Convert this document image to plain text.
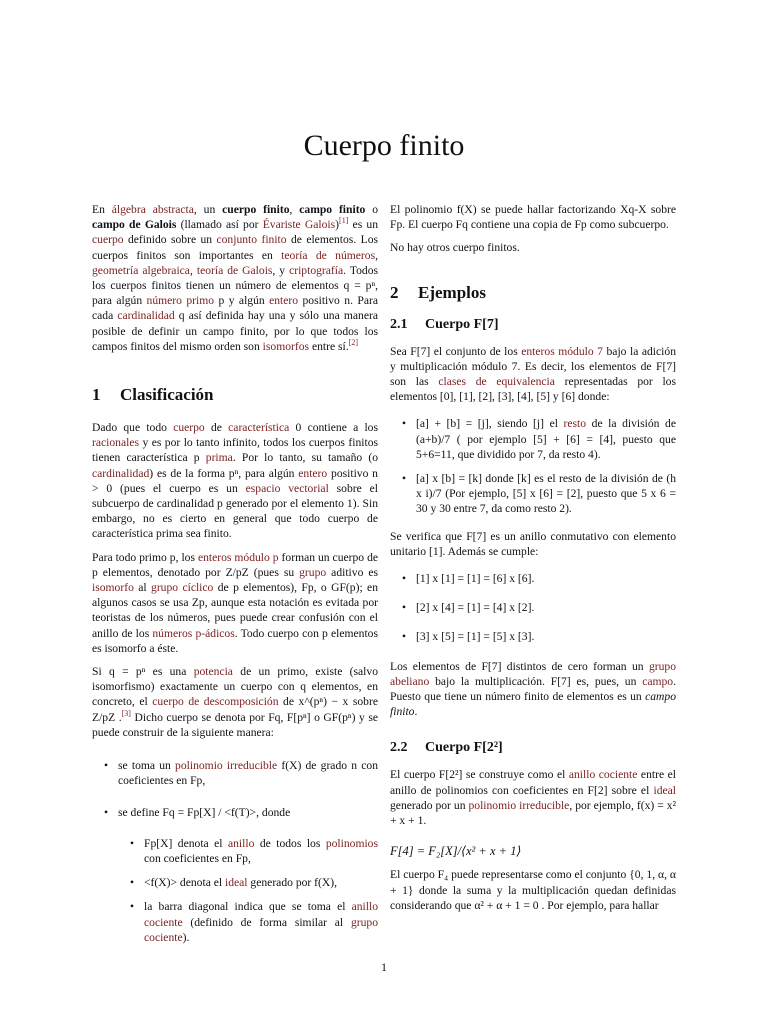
Cuerpo finito

En álgebra abstracta, un cuerpo finito, campo finito o campo de Galois (llamado así por Évariste Galois)[1] es un cuerpo definido sobre un conjunto finito de elementos. Los cuerpos finitos son importantes en teoría de números, geometría algebraica, teoría de Galois, y criptografía. Todos los cuerpos finitos tienen un número de elementos q = pⁿ, para algún número primo p y algún entero positivo n. Para cada cardinalidad q así definida hay una y sólo una manera posible de definir un campo finito, por lo que todos los campos finitos del mismo orden son isomorfos entre sí.[2]

1 Clasificación

Dado que todo cuerpo de característica 0 contiene a los racionales y es por lo tanto infinito, todos los cuerpos finitos tienen característica p prima. Por lo tanto, su tamaño (o cardinalidad) es de la forma pⁿ, para algún entero positivo n > 0 (pues el cuerpo es un espacio vectorial sobre el subcuerpo de cardinalidad p generado por el elemento 1). Sin embargo, no es cierto en general que todo cuerpo de característica prima sea finito.

Para todo primo p, los enteros módulo p forman un cuerpo de p elementos, denotado por Z/pZ (pues su grupo aditivo es isomorfo al grupo cíclico de p elementos), Fp, o GF(p); en algunos casos se usa Zp, aunque esta notación es evitada por teoristas de los números, pues puede crear confusión con el anillo de los números p-ádicos. Todo cuerpo con p elementos es isomorfo a éste.

Si q = pⁿ es una potencia de un primo, existe (salvo isomorfismo) exactamente un cuerpo con q elementos, en concreto, el cuerpo de descomposición de x^(pⁿ) − x sobre Z/pZ .[3] Dicho cuerpo se denota por Fq, F[pⁿ] o GF(pⁿ) y se puede construir de la siguiente manera:

• se toma un polinomio irreducible f(X) de grado n con coeficientes en Fp,
• se define Fq = Fp[X] / <f(T)>, donde
• Fp[X] denota el anillo de todos los polinomios con coeficientes en Fp,
• <f(X)> denota el ideal generado por f(X),
• la barra diagonal indica que se toma el anillo cociente (definido de forma similar al grupo cociente).

El polinomio f(X) se puede hallar factorizando Xq-X sobre Fp. El cuerpo Fq contiene una copia de Fp como subcuerpo.

No hay otros cuerpo finitos.

2 Ejemplos
2.1 Cuerpo F[7]

Sea F[7] el conjunto de los enteros módulo 7 bajo la adición y multiplicación módulo 7. Es decir, los elementos de F[7] son las clases de equivalencia representadas por los elementos [0], [1], [2], [3], [4], [5] y [6] donde:

• [a] + [b] = [j], siendo [j] el resto de la división de (a+b)/7 ( por ejemplo [5] + [6] = [4], puesto que 5+6=11, que dividido por 7, da resto 4).
• [a] x [b] = [k] donde [k] es el resto de la división de (h x i)/7 (Por ejemplo, [5] x [6] = [2], puesto que 5 x 6 = 30 y 30 entre 7, da como resto 2).

Se verifica que F[7] es un anillo conmutativo con elemento unitario [1]. Además se cumple:

• [1] x [1] = [1] = [6] x [6].
• [2] x [4] = [1] = [4] x [2].
• [3] x [5] = [1] = [5] x [3].

Los elementos de F[7] distintos de cero forman un grupo abeliano bajo la multiplicación. F[7] es, pues, un campo. Puesto que tiene un número finito de elementos es un campo finito.

2.2 Cuerpo F[2²]

El cuerpo F[2²] se construye como el anillo cociente entre el anillo de polinomios con coeficientes en F[2] sobre el ideal generado por un polinomio irreducible, por ejemplo, f(x) = x² + x + 1.

F[4] = F₂[X]/⟨x² + x + 1⟩

El cuerpo F₄ puede representarse como el conjunto {0, 1, α, α + 1} donde la suma y la multiplicación quedan definidas considerando que α² + α + 1 = 0 . Por ejemplo, para hallar

1
